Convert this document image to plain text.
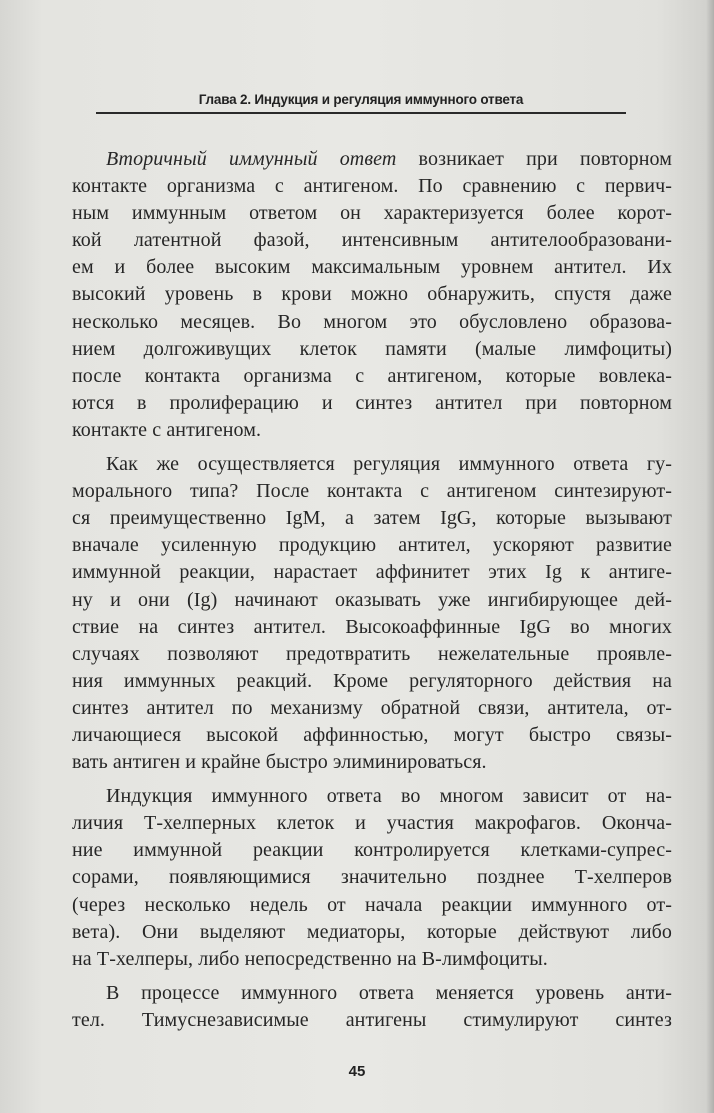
Глава 2. Индукция и регуляция иммунного ответа
Вторичный иммунный ответ возникает при повторном
контакте организма с антигеном. По сравнению с первич-
ным иммунным ответом он характеризуется более корот-
кой латентной фазой, интенсивным антителообразовани-
ем и более высоким максимальным уровнем антител. Их
высокий уровень в крови можно обнаружить, спустя даже
несколько месяцев. Во многом это обусловлено образова-
нием долгоживущих клеток памяти (малые лимфоциты)
после контакта организма с антигеном, которые вовлека-
ются в пролиферацию и синтез антител при повторном
контакте с антигеном.
Как же осуществляется регуляция иммунного ответа гу-
морального типа? После контакта с антигеном синтезируют-
ся преимущественно IgM, а затем IgG, которые вызывают
вначале усиленную продукцию антител, ускоряют развитие
иммунной реакции, нарастает аффинитет этих Ig к антиге-
ну и они (Ig) начинают оказывать уже ингибирующее дей-
ствие на синтез антител. Высокоаффинные IgG во многих
случаях позволяют предотвратить нежелательные проявле-
ния иммунных реакций. Кроме регуляторного действия на
синтез антител по механизму обратной связи, антитела, от-
личающиеся высокой аффинностью, могут быстро связы-
вать антиген и крайне быстро элиминироваться.
Индукция иммунного ответа во многом зависит от на-
личия Т-хелперных клеток и участия макрофагов. Оконча-
ние иммунной реакции контролируется клетками-супрес-
сорами, появляющимися значительно позднее Т-хелперов
(через несколько недель от начала реакции иммунного от-
вета). Они выделяют медиаторы, которые действуют либо
на Т-хелперы, либо непосредственно на В-лимфоциты.
В процессе иммунного ответа меняется уровень анти-
тел. Тимуснезависимые антигены стимулируют синтез
45
